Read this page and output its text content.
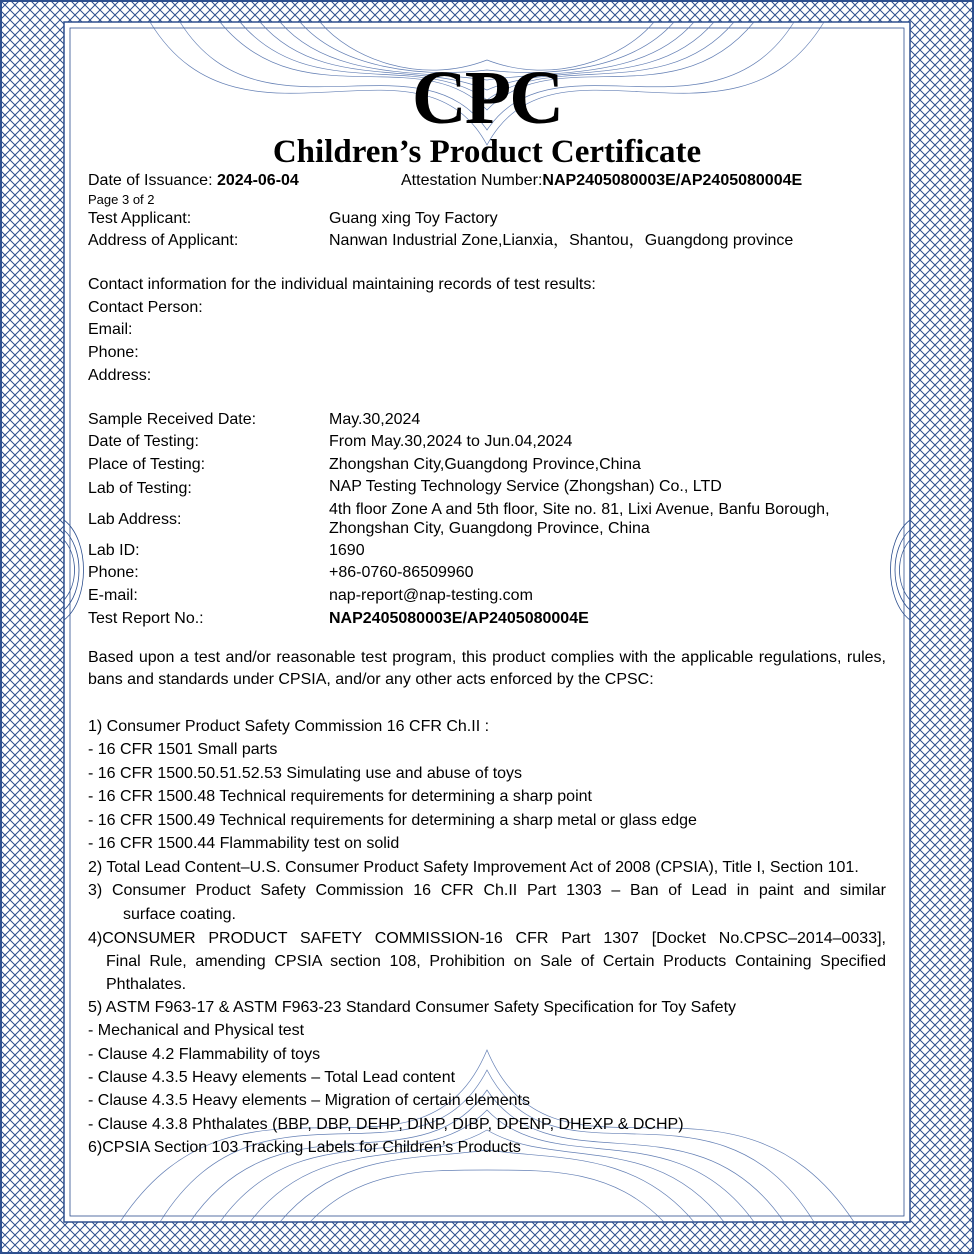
CPC
Children’s Product Certificate
Date of Issuance: 2024-06-04	Attestation Number:NAP2405080003E/AP2405080004E
Page 3 of 2
Test Applicant:	Guang xing Toy Factory
Address of Applicant:	Nanwan Industrial Zone,Lianxia，Shantou，Guangdong province
Contact information for the individual maintaining records of test results:
Contact Person:
Email:
Phone:
Address:
Sample Received Date:	May.30,2024
Date of Testing:	From May.30,2024 to Jun.04,2024
Place of Testing:	Zhongshan City,Guangdong Province,China
Lab of Testing:	NAP Testing Technology Service (Zhongshan) Co., LTD
Lab Address:
4th floor Zone A and 5th floor, Site no. 81, Lixi Avenue, Banfu Borough,
Zhongshan City, Guangdong Province, China
Lab ID:	1690
Phone:	+86-0760-86509960
E-mail:	nap-report@nap-testing.com
Test Report No.:	NAP2405080003E/AP2405080004E
Based upon a test and/or reasonable test program, this product complies with the applicable regulations, rules, bans and standards under CPSIA, and/or any other acts enforced by the CPSC:
1) Consumer Product Safety Commission 16 CFR Ch.II :
- 16 CFR 1501 Small parts
- 16 CFR 1500.50.51.52.53 Simulating use and abuse of toys
- 16 CFR 1500.48 Technical requirements for determining a sharp point
- 16 CFR 1500.49 Technical requirements for determining a sharp metal or glass edge
- 16 CFR 1500.44 Flammability test on solid
2) Total Lead Content–U.S. Consumer Product Safety Improvement Act of 2008 (CPSIA), Title I, Section 101.
3) Consumer Product Safety Commission 16 CFR Ch.II Part 1303 – Ban of Lead in paint and similar
surface coating.
4)CONSUMER PRODUCT SAFETY COMMISSION-16 CFR Part 1307 [Docket No.CPSC–2014–0033],
Final Rule, amending CPSIA section 108, Prohibition on Sale of Certain Products Containing Specified
Phthalates.
5) ASTM F963-17 & ASTM F963-23 Standard Consumer Safety Specification for Toy Safety
- Mechanical and Physical test
- Clause 4.2 Flammability of toys
- Clause 4.3.5 Heavy elements – Total Lead content
- Clause 4.3.5 Heavy elements – Migration of certain elements
- Clause 4.3.8 Phthalates (BBP, DBP, DEHP, DINP, DIBP, DPENP, DHEXP & DCHP)
6)CPSIA Section 103 Tracking Labels for Children’s Products
